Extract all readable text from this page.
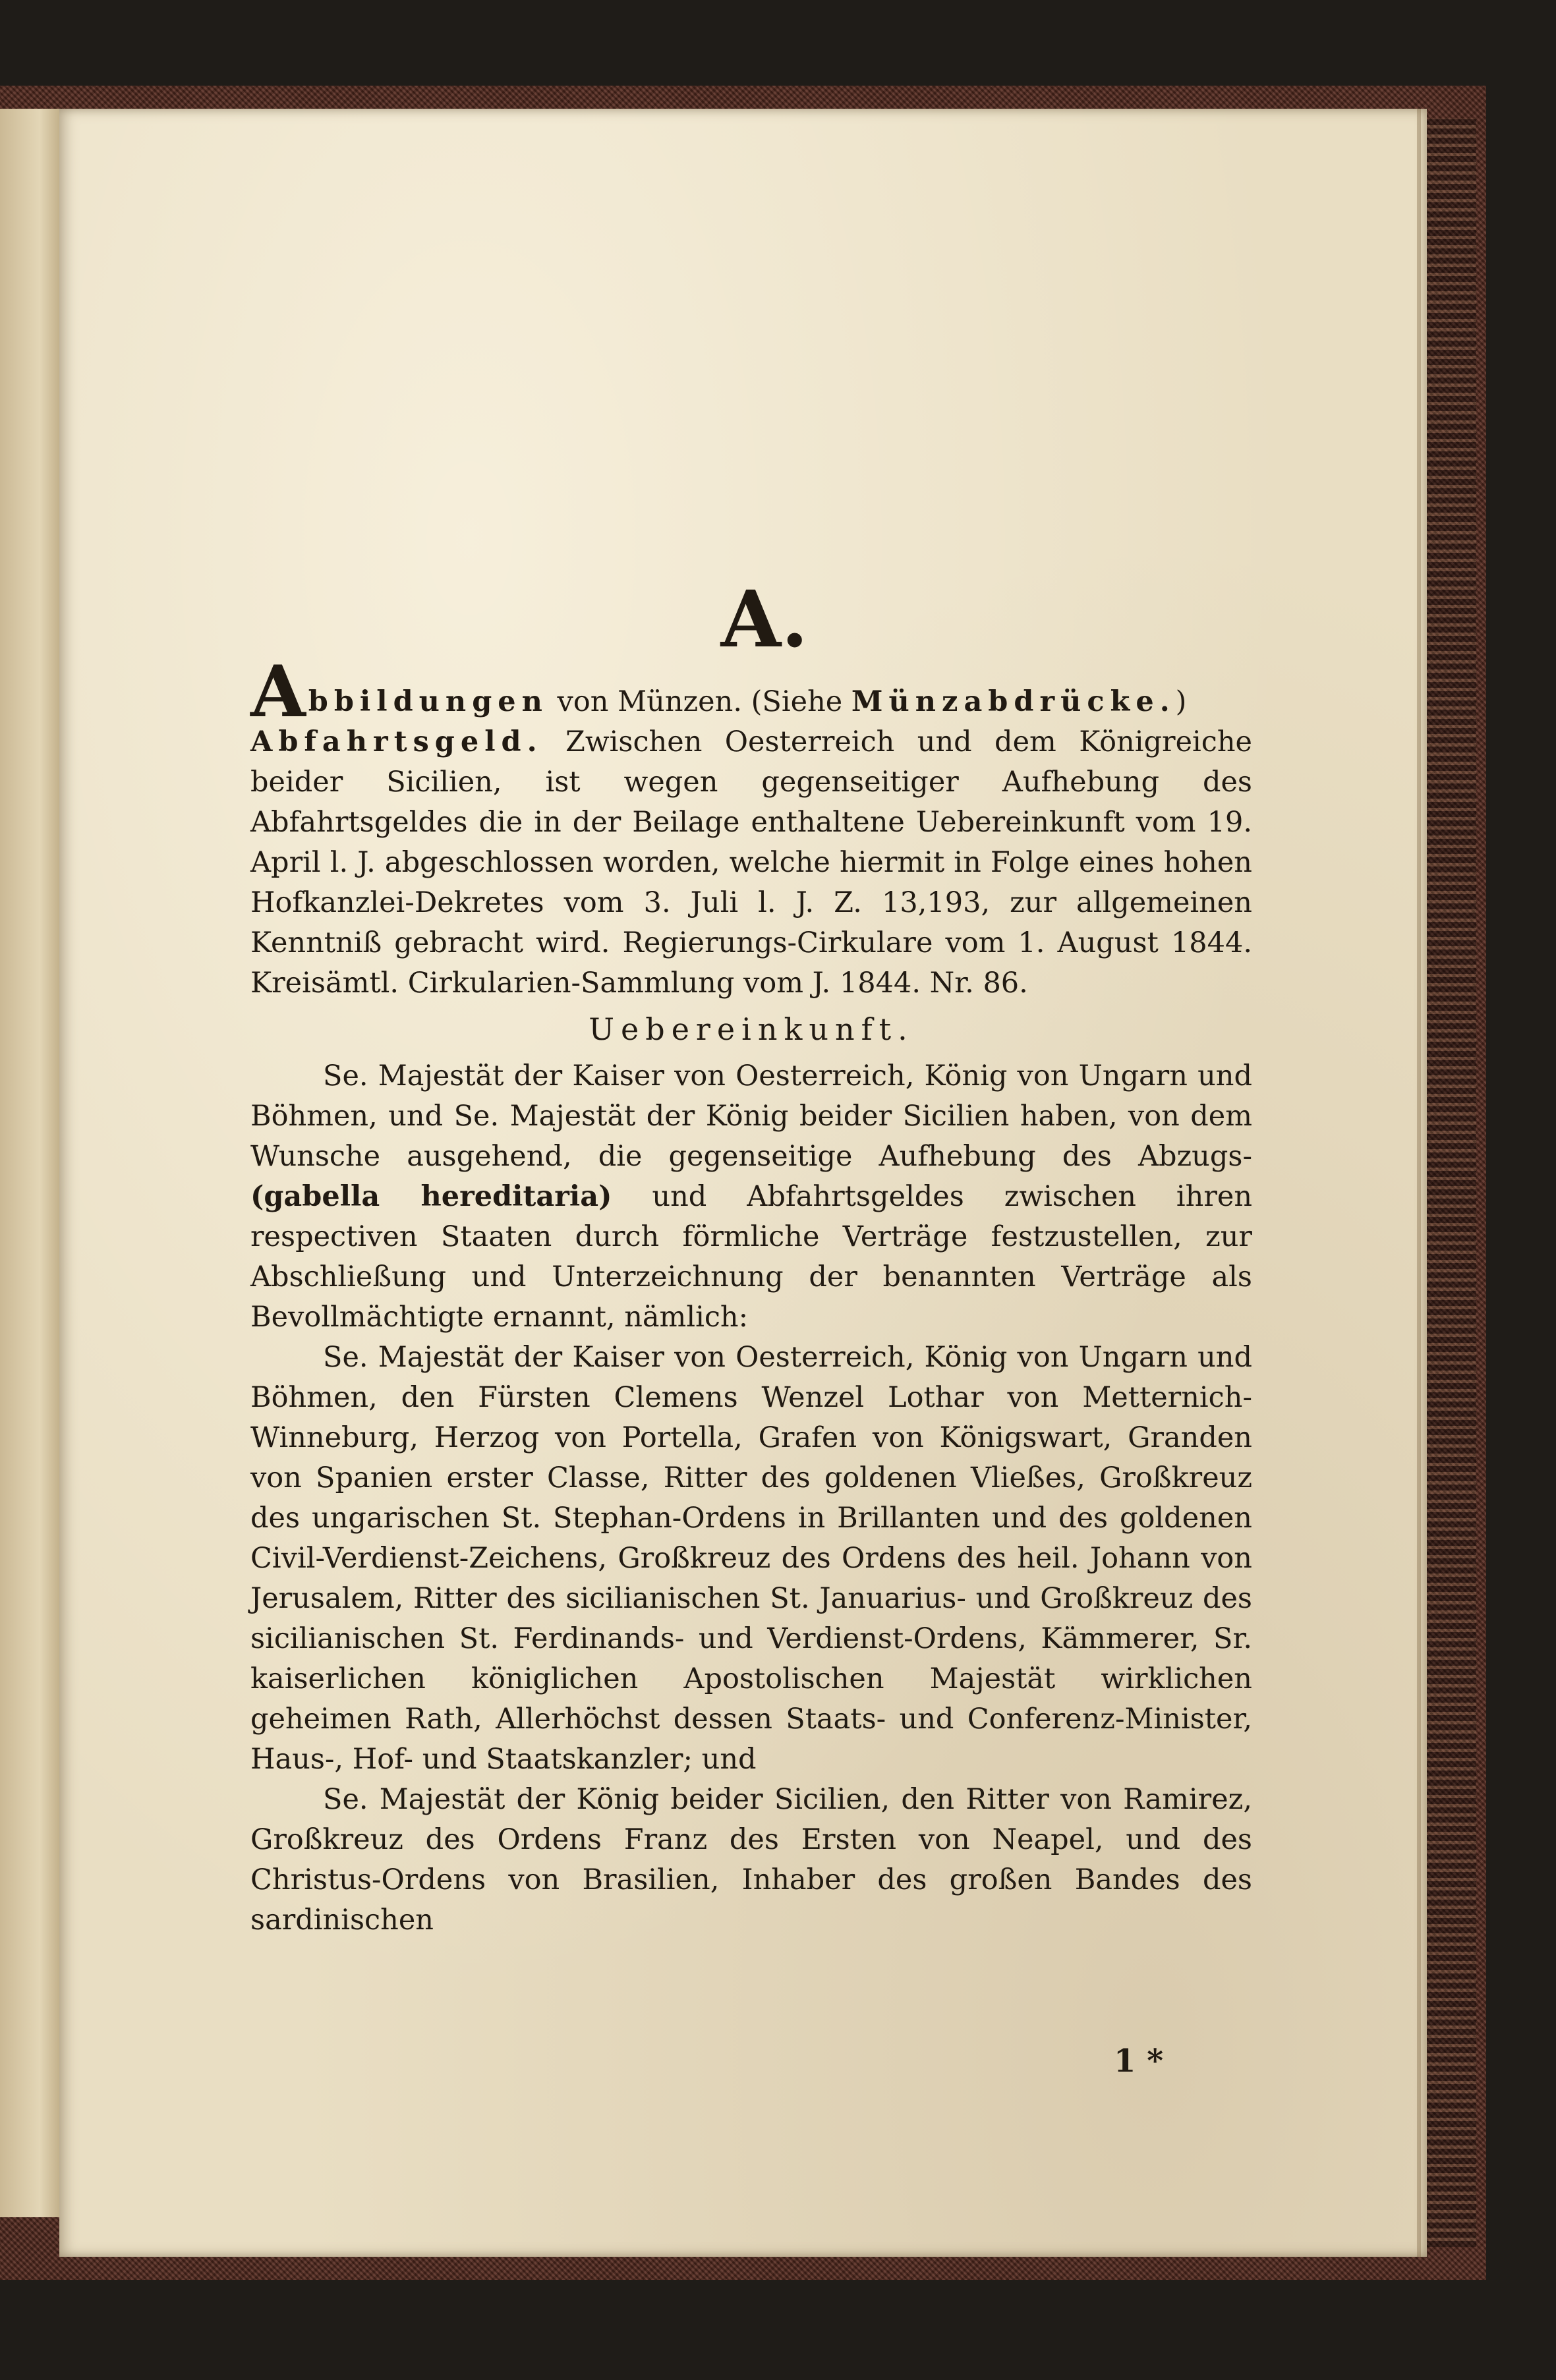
A.

Abbildungen von Münzen. (Siehe Münzabdrücke.)

Abfahrtsgeld. Zwischen Oesterreich und dem Königreiche beider Sicilien, ist wegen gegenseitiger Aufhebung des Abfahrtsgeldes die in der Beilage enthaltene Uebereinkunft vom 19. April l. J. abgeschlossen worden, welche hiermit in Folge eines hohen Hofkanzlei-Dekretes vom 3. Juli l. J. Z. 13,193, zur allgemeinen Kenntniß gebracht wird. Regierungs-Cirkulare vom 1. August 1844. Kreisämtl. Cirkularien-Sammlung vom J. 1844. Nr. 86.

Uebereinkunft.

Se. Majestät der Kaiser von Oesterreich, König von Ungarn und Böhmen, und Se. Majestät der König beider Sicilien haben, von dem Wunsche ausgehend, die gegenseitige Aufhebung des Abzugs- (gabella hereditaria) und Abfahrtsgeldes zwischen ihren respectiven Staaten durch förmliche Verträge festzustellen, zur Abschließung und Unterzeichnung der benannten Verträge als Bevollmächtigte ernannt, nämlich:

Se. Majestät der Kaiser von Oesterreich, König von Ungarn und Böhmen, den Fürsten Clemens Wenzel Lothar von Metternich-Winneburg, Herzog von Portella, Grafen von Königswart, Granden von Spanien erster Classe, Ritter des goldenen Vließes, Großkreuz des ungarischen St. Stephan-Ordens in Brillanten und des goldenen Civil-Verdienst-Zeichens, Großkreuz des Ordens des heil. Johann von Jerusalem, Ritter des sicilianischen St. Januarius- und Großkreuz des sicilianischen St. Ferdinands- und Verdienst-Ordens, Kämmerer, Sr. kaiserlichen königlichen Apostolischen Majestät wirklichen geheimen Rath, Allerhöchst dessen Staats- und Conferenz-Minister, Haus-, Hof- und Staatskanzler; und

Se. Majestät der König beider Sicilien, den Ritter von Ramirez, Großkreuz des Ordens Franz des Ersten von Neapel, und des Christus-Ordens von Brasilien, Inhaber des großen Bandes des sardinischen

1 *
